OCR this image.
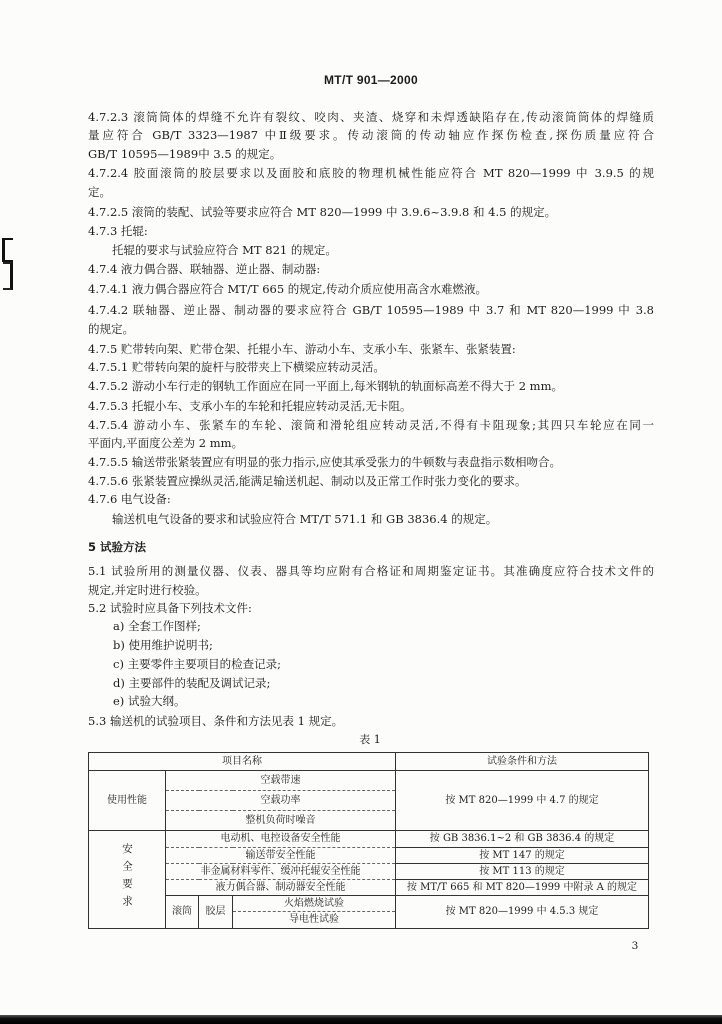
MT/T 901—2000
4.7.2.3 滚筒筒体的焊缝不允许有裂纹、咬肉、夹渣、烧穿和未焊透缺陷存在,传动滚筒筒体的焊缝质
量应符合 GB/T 3323—1987 中Ⅱ级要求。传动滚筒的传动轴应作探伤检查,探伤质量应符合
GB/T 10595—1989中 3.5 的规定。
4.7.2.4 胶面滚筒的胶层要求以及面胶和底胶的物理机械性能应符合 MT 820—1999 中 3.9.5 的规
定。
4.7.2.5 滚筒的装配、试验等要求应符合 MT 820—1999 中 3.9.6~3.9.8 和 4.5 的规定。
4.7.3 托辊:
托辊的要求与试验应符合 MT 821 的规定。
4.7.4 液力偶合器、联轴器、逆止器、制动器:
4.7.4.1 液力偶合器应符合 MT/T 665 的规定,传动介质应使用高含水难燃液。
4.7.4.2 联轴器、逆止器、制动器的要求应符合 GB/T 10595—1989 中 3.7 和 MT 820—1999 中 3.8
的规定。
4.7.5 贮带转向架、贮带仓架、托辊小车、游动小车、支承小车、张紧车、张紧装置:
4.7.5.1 贮带转向架的旋杆与胶带夹上下横梁应转动灵活。
4.7.5.2 游动小车行走的钢轨工作面应在同一平面上,每米钢轨的轨面标高差不得大于 2 mm。
4.7.5.3 托辊小车、支承小车的车轮和托辊应转动灵活,无卡阻。
4.7.5.4 游动小车、张紧车的车轮、滚筒和滑轮组应转动灵活,不得有卡阻现象;其四只车轮应在同一
平面内,平面度公差为 2 mm。
4.7.5.5 输送带张紧装置应有明显的张力指示,应使其承受张力的牛顿数与表盘指示数相吻合。
4.7.5.6 张紧装置应操纵灵活,能满足输送机起、制动以及正常工作时张力变化的要求。
4.7.6 电气设备:
输送机电气设备的要求和试验应符合 MT/T 571.1 和 GB 3836.4 的规定。
5 试验方法
5.1 试验所用的测量仪器、仪表、器具等均应附有合格证和周期鉴定证书。其准确度应符合技术文件的
规定,并定时进行校验。
5.2 试验时应具备下列技术文件:
a) 全套工作图样;
b) 使用维护说明书;
c) 主要零件主要项目的检查记录;
d) 主要部件的装配及调试记录;
e) 试验大纲。
5.3 输送机的试验项目、条件和方法见表 1 规定。
表 1
项目名称				试验条件和方法
使用性能	空载带速			按 MT 820—1999 中 4.7 的规定
	空载功率			
	整机负荷时噪音			
安全要求	电动机、电控设备安全性能			按 GB 3836.1~2 和 GB 3836.4 的规定
	输送带安全性能			按 MT 147 的规定
	非金属材料零件、缓冲托辊安全性能			按 MT 113 的规定
	液力偶合器、制动器安全性能			按 MT/T 665 和 MT 820—1999 中附录 A 的规定
	滚筒	胶层	火焰燃烧试验	按 MT 820—1999 中 4.5.3 规定
			导电性试验	
3
